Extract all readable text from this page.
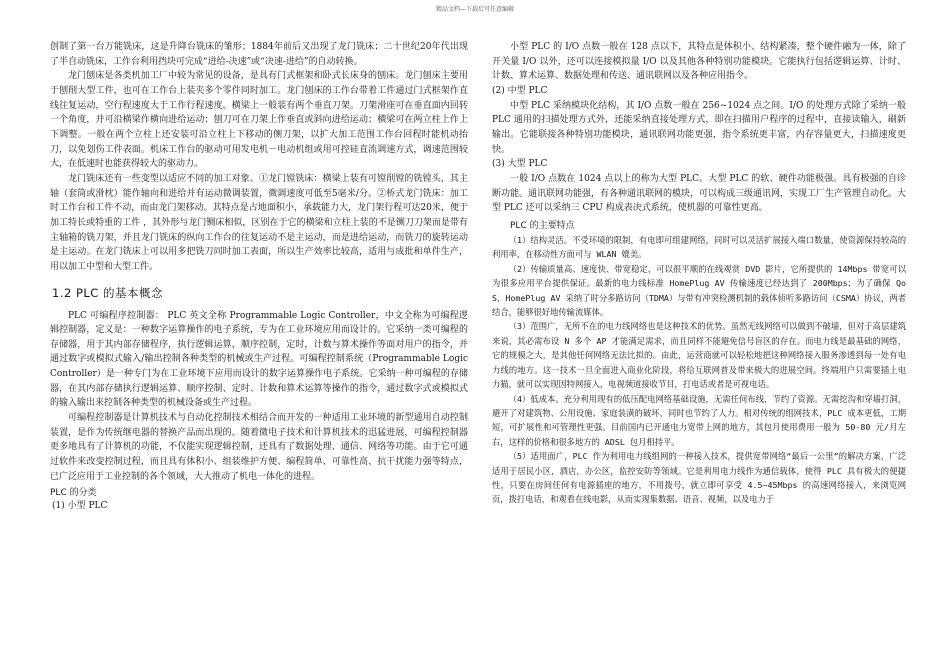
精品文档---下载后可任意编辑

创制了第一台万能铣床，这是升降台铣床的雏形；1884年前后又出现了龙门铣床；二十世纪20年代出现了半自动铣床，工作台利用挡块可完成“进给-决速”或“决速-进给”的自动转换。

龙门刨床是各类机加工厂中较为常见的设备，是具有门式框架和卧式长床身的刨床。龙门刨床主要用于刨削大型工件，也可在工作台上装夹多个零件同时加工。龙门刨床的工作台带着工件通过门式框架作直线往复运动，空行程速度大于工作行程速度。横梁上一般装有两个垂直刀架。刀架滑座可在垂直面内回转一个角度，并可沿横梁作横向进给运动；刨刀可在刀架上作垂直或斜向进给运动；横梁可在两立柱上作上下调整。一般在两个立柱上还安装可沿立柱上下移动的侧刀架，以扩大加工范围工作台回程时能机动抬刀，以免划伤工件表面。机床工作台的驱动可用发电机－电动机组或用可控硅直流调速方式，调速范围较大，在低速时也能获得较大的驱动力。

龙门铣床还有一些变型以适应不同的加工对象。①龙门镗铣床：横梁上装有可镗削镗的铣镗头，其主轴（套筒或滑枕）能作轴向和进给并有运动微调装置，微调速度可低至5毫米/分。②桥式龙门铣床：加工时工作台和工件不动，而由龙门架移动。其特点是占地面积小，承载能力大，龙门架行程可达20米，便于加工特长或特重的工件 ，其外形与龙门铡床相似，区别在于它的横梁和立柱上装的不是铡刀刀架而是带有主轴箱的铣刀架，并且龙门铣床的纵向工作台的往复运动不是主运动，而是进给运动，而铣刀的旋转运动是主运动。在龙门铣床上可以用多把铣刀同时加工表面，所以生产效率比较高，适用与成批和单件生产，用以加工中型和大型工件。

1.2 PLC 的基本概念

PLC 可编程序控制器： PLC 英文全称 Programmable Logic Controller，中文全称为可编程逻辑控制器，定义是：一种数字运算操作的电子系统，专为在工业环境应用而设计的。它采纳一类可编程的存储器，用于其内部存储程序，执行逻辑运算，顺序控制，定时，计数与算术操作等面对用户的指令，并通过数字或模拟式输入/输出控制各种类型的机械或生产过程。可编程控制系统（Programmable Logic Controller）是一种专门为在工业环境下应用而设计的数字运算操作电子系统。它采纳一种可编程的存储器，在其内部存储执行逻辑运算、顺序控制、定时、计数和算术运算等操作的指令，通过数字式或模拟式的输入输出来控制各种类型的机械设备或生产过程。

可编程控制器是计算机技术与自动化控制技术相结合而开发的一种适用工业环境的新型通用自动控制装置，是作为传统继电器的替换产品而出现的。随着微电子技术和计算机技术的迅猛进展，可编程控制器更多地具有了计算机的功能，不仅能实现逻辑控制，还具有了数据处理、通信、网络等功能。由于它可通过软件来改变控制过程，而且具有体积小、组装维护方便、编程简单、可靠性高、抗干扰能力强等特点，已广泛应用于工业控制的各个领域，大大推动了机电一体化的进程。

PLC 的分类
(1) 小型 PLC

小型 PLC 的 I/O 点数一般在 128 点以下，其特点是体积小、结构紧凑，整个硬件融为一体，除了开关量 I/O 以外，还可以连接模拟量 I/O 以及其他各种特别功能模块。它能执行包括逻辑运算、计时、计数、算术运算、数据处理和传送、通讯联网以及各种应用指令。

(2) 中型 PLC

中型 PLC 采纳模块化结构，其 I/O 点数一般在 256~1024 点之间。I/O 的处理方式除了采纳一般 PLC 通用的扫描处理方式外，还能采纳直接处理方式，即在扫描用户程序的过程中，直接读输入，刷新输出。它能联接各种特别功能模块，通讯联网功能更强，指令系统更丰富，内存容量更大，扫描速度更快。

(3) 大型 PLC

一般 I/O 点数在 1024 点以上的称为大型 PLC。大型 PLC 的软、硬件功能极强。具有极强的自诊断功能。通讯联网功能强，有各种通讯联网的模块，可以构成三级通讯网，实现工厂生产管理自动化。大型 PLC 还可以采纳三 CPU 构成表决式系统，使机器的可靠性更高。

PLC 的主要特点

（1）结构灵活。不受环境的限制，有电即可组建网络，同时可以灵活扩展接入端口数量，使资源保持较高的利用率，在移动性方面可与 WLAN 媲美。

（2）传输质量高、速度快、带宽稳定，可以很平顺的在线观赏 DVD 影片，它所提供的 14Mbps 带宽可以为很多应用平台提供保证。最新的电力线标准 HomePlug AV 传输速度已经达到了 200Mbps；为了确保 QoS，HomePlug AV 采纳了时分多路访问（TDMA）与带有冲突检测机制的载体侦听多路访问（CSMA）协议，两者结合，能够很好地传输流媒体。

（3）范围广，无所不在的电力线网络也是这种技术的优势。虽然无线网络可以做到不破墙，但对于高层建筑来说，其必需布设 N 多个 AP 才能满足需求，而且同样不能避免信号盲区的存在。而电力线是最基础的网络，它的规模之大，是其他任何网络无法比拟的。由此，运营商就可以轻松地把这种网络接入服务渗透到每一处有电力线的地方。这一技术一旦全面进入商业化阶段，将给互联网普及带来极大的进展空间。终端用户只需要插上电力猫，就可以实现因特网接入，电视频道接收节目，打电话或者是可视电话。

（4）低成本。充分利用现有的低压配电网络基础设施，无需任何布线，节约了资源。无需挖沟和穿墙打洞，避开了对建筑物、公用设施、家庭装潢的破坏，同时也节约了人力。相对传统的组网技术，PLC 成本更低，工期短，可扩展性和可管理性更强。目前国内已开通电力宽带上网的地方，其包月使用费用一般为 50-80 元/月左右，这样的价格和很多地方的 ADSL 包月相持平。

（5）适用面广，PLC 作为利用电力线组网的一种接入技术，提供宽带网络“最后一公里”的解决方案，广泛适用于居民小区，酒店，办公区，监控安防等领域。它是利用电力线作为通信载体，使得 PLC 具有极大的便捷性，只要在房间任何有电源插座的地方，不用拨号，就立即可享受 4.5~45Mbps 的高速网络接入，来浏览网页，拨打电话，和观看在线电影，从而实现集数据、语音、视频，以及电力于
